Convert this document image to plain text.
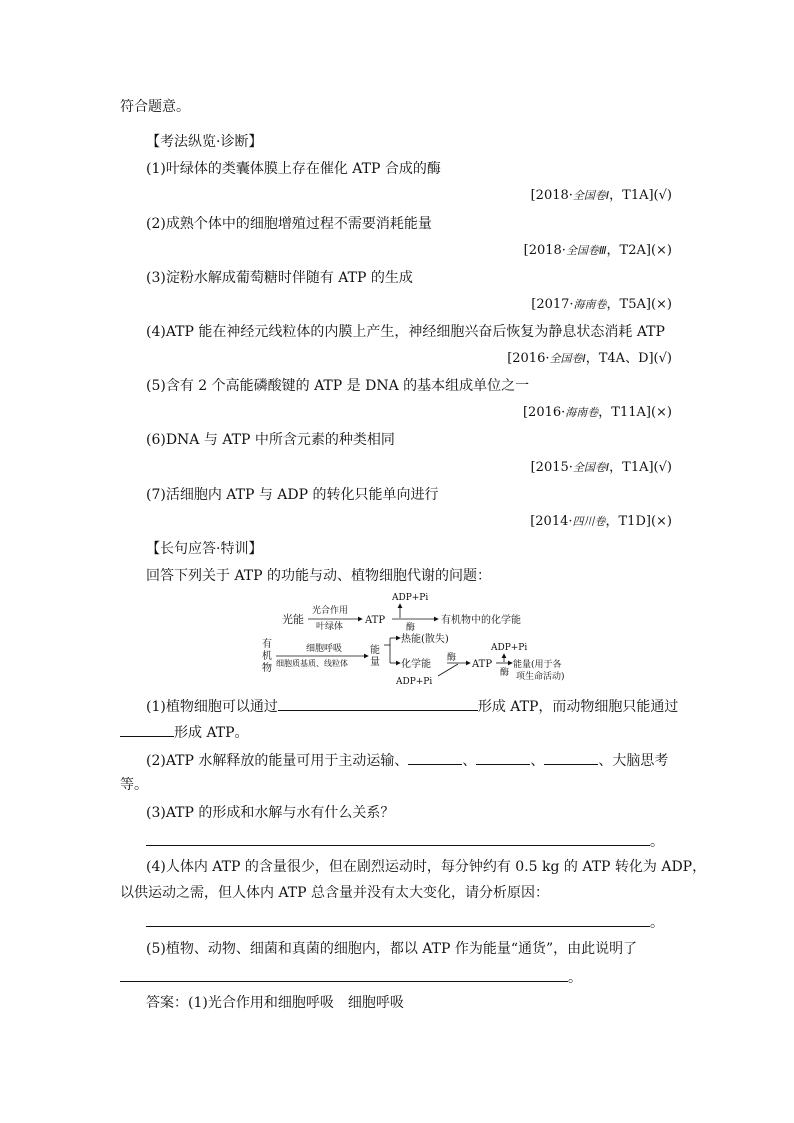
符合题意。
【考法纵览·诊断】
(1)叶绿体的类囊体膜上存在催化 ATP 合成的酶
[2018·全国卷Ⅰ，T1A](√)
(2)成熟个体中的细胞增殖过程不需要消耗能量
[2018·全国卷Ⅲ，T2A](×)
(3)淀粉水解成葡萄糖时伴随有 ATP 的生成
[2017·海南卷，T5A](×)
(4)ATP 能在神经元线粒体的内膜上产生，神经细胞兴奋后恢复为静息状态消耗 ATP
[2016·全国卷Ⅰ，T4A、D](√)
(5)含有 2 个高能磷酸键的 ATP 是 DNA 的基本组成单位之一
[2016·海南卷，T11A](×)
(6)DNA 与 ATP 中所含元素的种类相同
[2015·全国卷Ⅰ，T1A](√)
(7)活细胞内 ATP 与 ADP 的转化只能单向进行
[2014·四川卷，T1D](×)
【长句应答·特训】
回答下列关于 ATP 的功能与动、植物细胞代谢的问题：
光能
光合作用
叶绿体
ATP
ADP+Pi
酶
有机物中的化学能
有
机
物
细胞呼吸
细胞质基质、线粒体
能
量
热能(散失)
化学能
酶
ADP+Pi
ATP
酶
ADP+Pi
能量(用于各
项生命活动)
(1)植物细胞可以通过	形成 ATP，而动物细胞只能通过
形成 ATP。
(2)ATP 水解释放的能量可用于主动运输、	、	、	、大脑思考
等。
(3)ATP 的形成和水解与水有什么关系？
。
(4)人体内 ATP 的含量很少，但在剧烈运动时，每分钟约有 0.5 kg 的 ATP 转化为 ADP，
以供运动之需，但人体内 ATP 总含量并没有太大变化，请分析原因：
。
(5)植物、动物、细菌和真菌的细胞内，都以 ATP 作为能量“通货”，由此说明了
。
答案：(1)光合作用和细胞呼吸　细胞呼吸
